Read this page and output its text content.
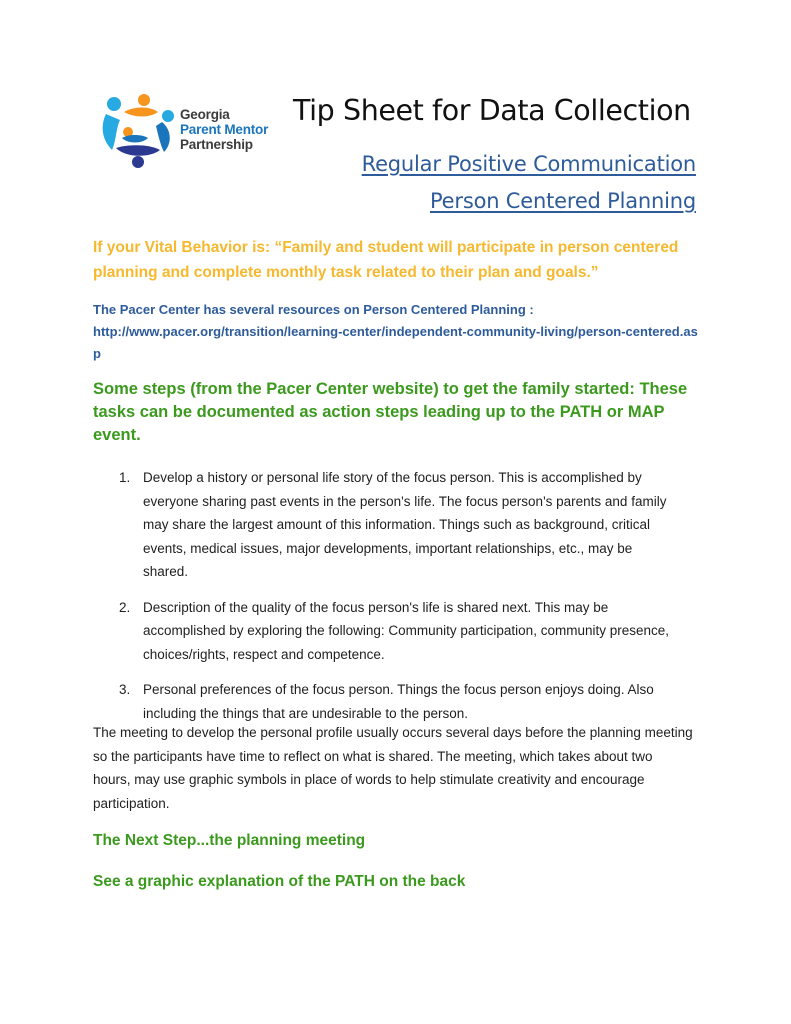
Georgia
Parent Mentor
Partnership
Tip Sheet for Data Collection
Regular Positive Communication
Person Centered Planning
If your Vital Behavior is: “Family and student will participate in person centered planning and complete monthly task related to their plan and goals.”
The Pacer Center has several resources on Person Centered Planning :
http://www.pacer.org/transition/learning-center/independent-community-living/person-centered.asp
Some steps (from the Pacer Center website) to get the family started: These tasks can be documented as action steps leading up to the PATH or MAP event.
1. Develop a history or personal life story of the focus person. This is accomplished by everyone sharing past events in the person's life. The focus person's parents and family may share the largest amount of this information. Things such as background, critical events, medical issues, major developments, important relationships, etc., may be shared.
2. Description of the quality of the focus person's life is shared next. This may be accomplished by exploring the following: Community participation, community presence, choices/rights, respect and competence.
3. Personal preferences of the focus person. Things the focus person enjoys doing. Also including the things that are undesirable to the person.
The meeting to develop the personal profile usually occurs several days before the planning meeting so the participants have time to reflect on what is shared. The meeting, which takes about two hours, may use graphic symbols in place of words to help stimulate creativity and encourage participation.
The Next Step...the planning meeting
See a graphic explanation of the PATH on the back
